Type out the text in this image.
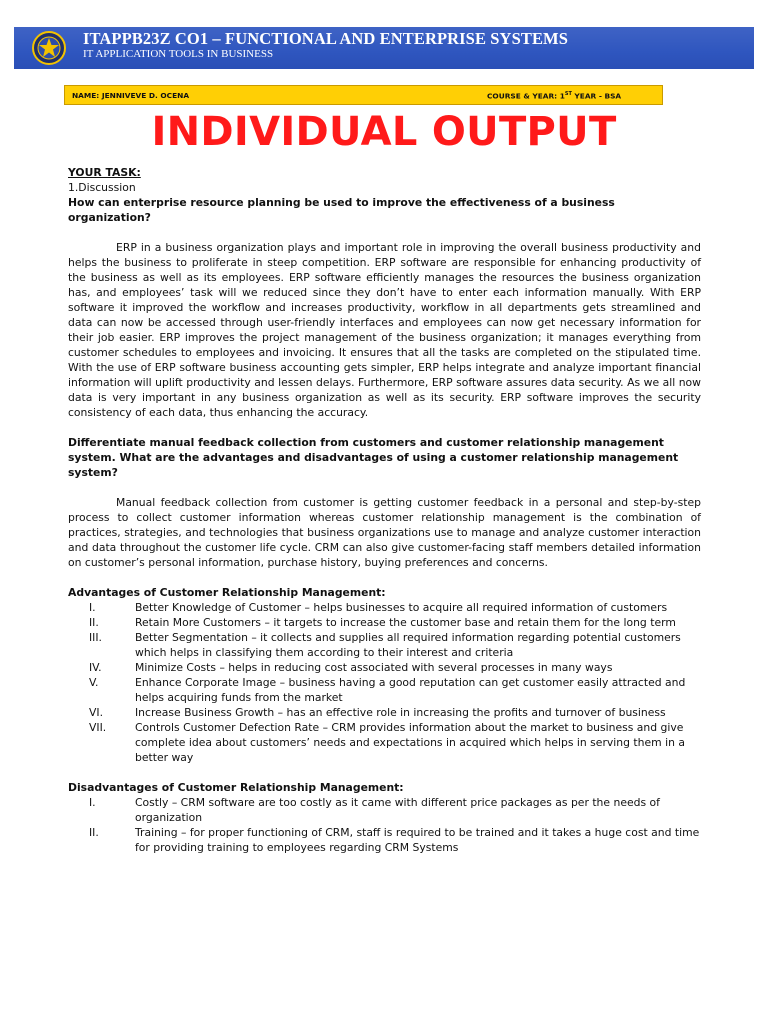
ITAPPB23Z CO1 – FUNCTIONAL AND ENTERPRISE SYSTEMS
IT APPLICATION TOOLS IN BUSINESS
NAME: JENNIVEVE D. OCENA	COURSE & YEAR: 1ST YEAR - BSA
INDIVIDUAL OUTPUT

YOUR TASK:

1.Discussion

How can enterprise resource planning be used to improve the effectiveness of a business organization?

ERP in a business organization plays and important role in improving the overall business productivity and helps the business to proliferate in steep competition. ERP software are responsible for enhancing productivity of the business as well as its employees. ERP software efficiently manages the resources the business organization has, and employees’ task will we reduced since they don’t have to enter each information manually. With ERP software it improved the workflow and increases productivity, workflow in all departments gets streamlined and data can now be accessed through user-friendly interfaces and employees can now get necessary information for their job easier. ERP improves the project management of the business organization; it manages everything from customer schedules to employees and invoicing. It ensures that all the tasks are completed on the stipulated time. With the use of ERP software business accounting gets simpler, ERP helps integrate and analyze important financial information will uplift productivity and lessen delays. Furthermore, ERP software assures data security. As we all now data is very important in any business organization as well as its security. ERP software improves the security consistency of each data, thus enhancing the accuracy.

Differentiate manual feedback collection from customers and customer relationship management system. What are the advantages and disadvantages of using a customer relationship management system?

Manual feedback collection from customer is getting customer feedback in a personal and step-by-step process to collect customer information whereas customer relationship management is the combination of practices, strategies, and technologies that business organizations use to manage and analyze customer interaction and data throughout the customer life cycle. CRM can also give customer-facing staff members detailed information on customer’s personal information, purchase history, buying preferences and concerns.

Advantages of Customer Relationship Management:

I.	Better Knowledge of Customer – helps businesses to acquire all required information of customers
II.	Retain More Customers – it targets to increase the customer base and retain them for the long term
III.	Better Segmentation – it collects and supplies all required information regarding potential customers which helps in classifying them according to their interest and criteria
IV.	Minimize Costs – helps in reducing cost associated with several processes in many ways
V.	Enhance Corporate Image – business having a good reputation can get customer easily attracted and helps acquiring funds from the market
VI.	Increase Business Growth – has an effective role in increasing the profits and turnover of business
VII.	Controls Customer Defection Rate – CRM provides information about the market to business and give complete idea about customers’ needs and expectations in acquired which helps in serving them in a better way

Disadvantages of Customer Relationship Management:

I.	Costly – CRM software are too costly as it came with different price packages as per the needs of organization
II.	Training – for proper functioning of CRM, staff is required to be trained and it takes a huge cost and time for providing training to employees regarding CRM Systems
